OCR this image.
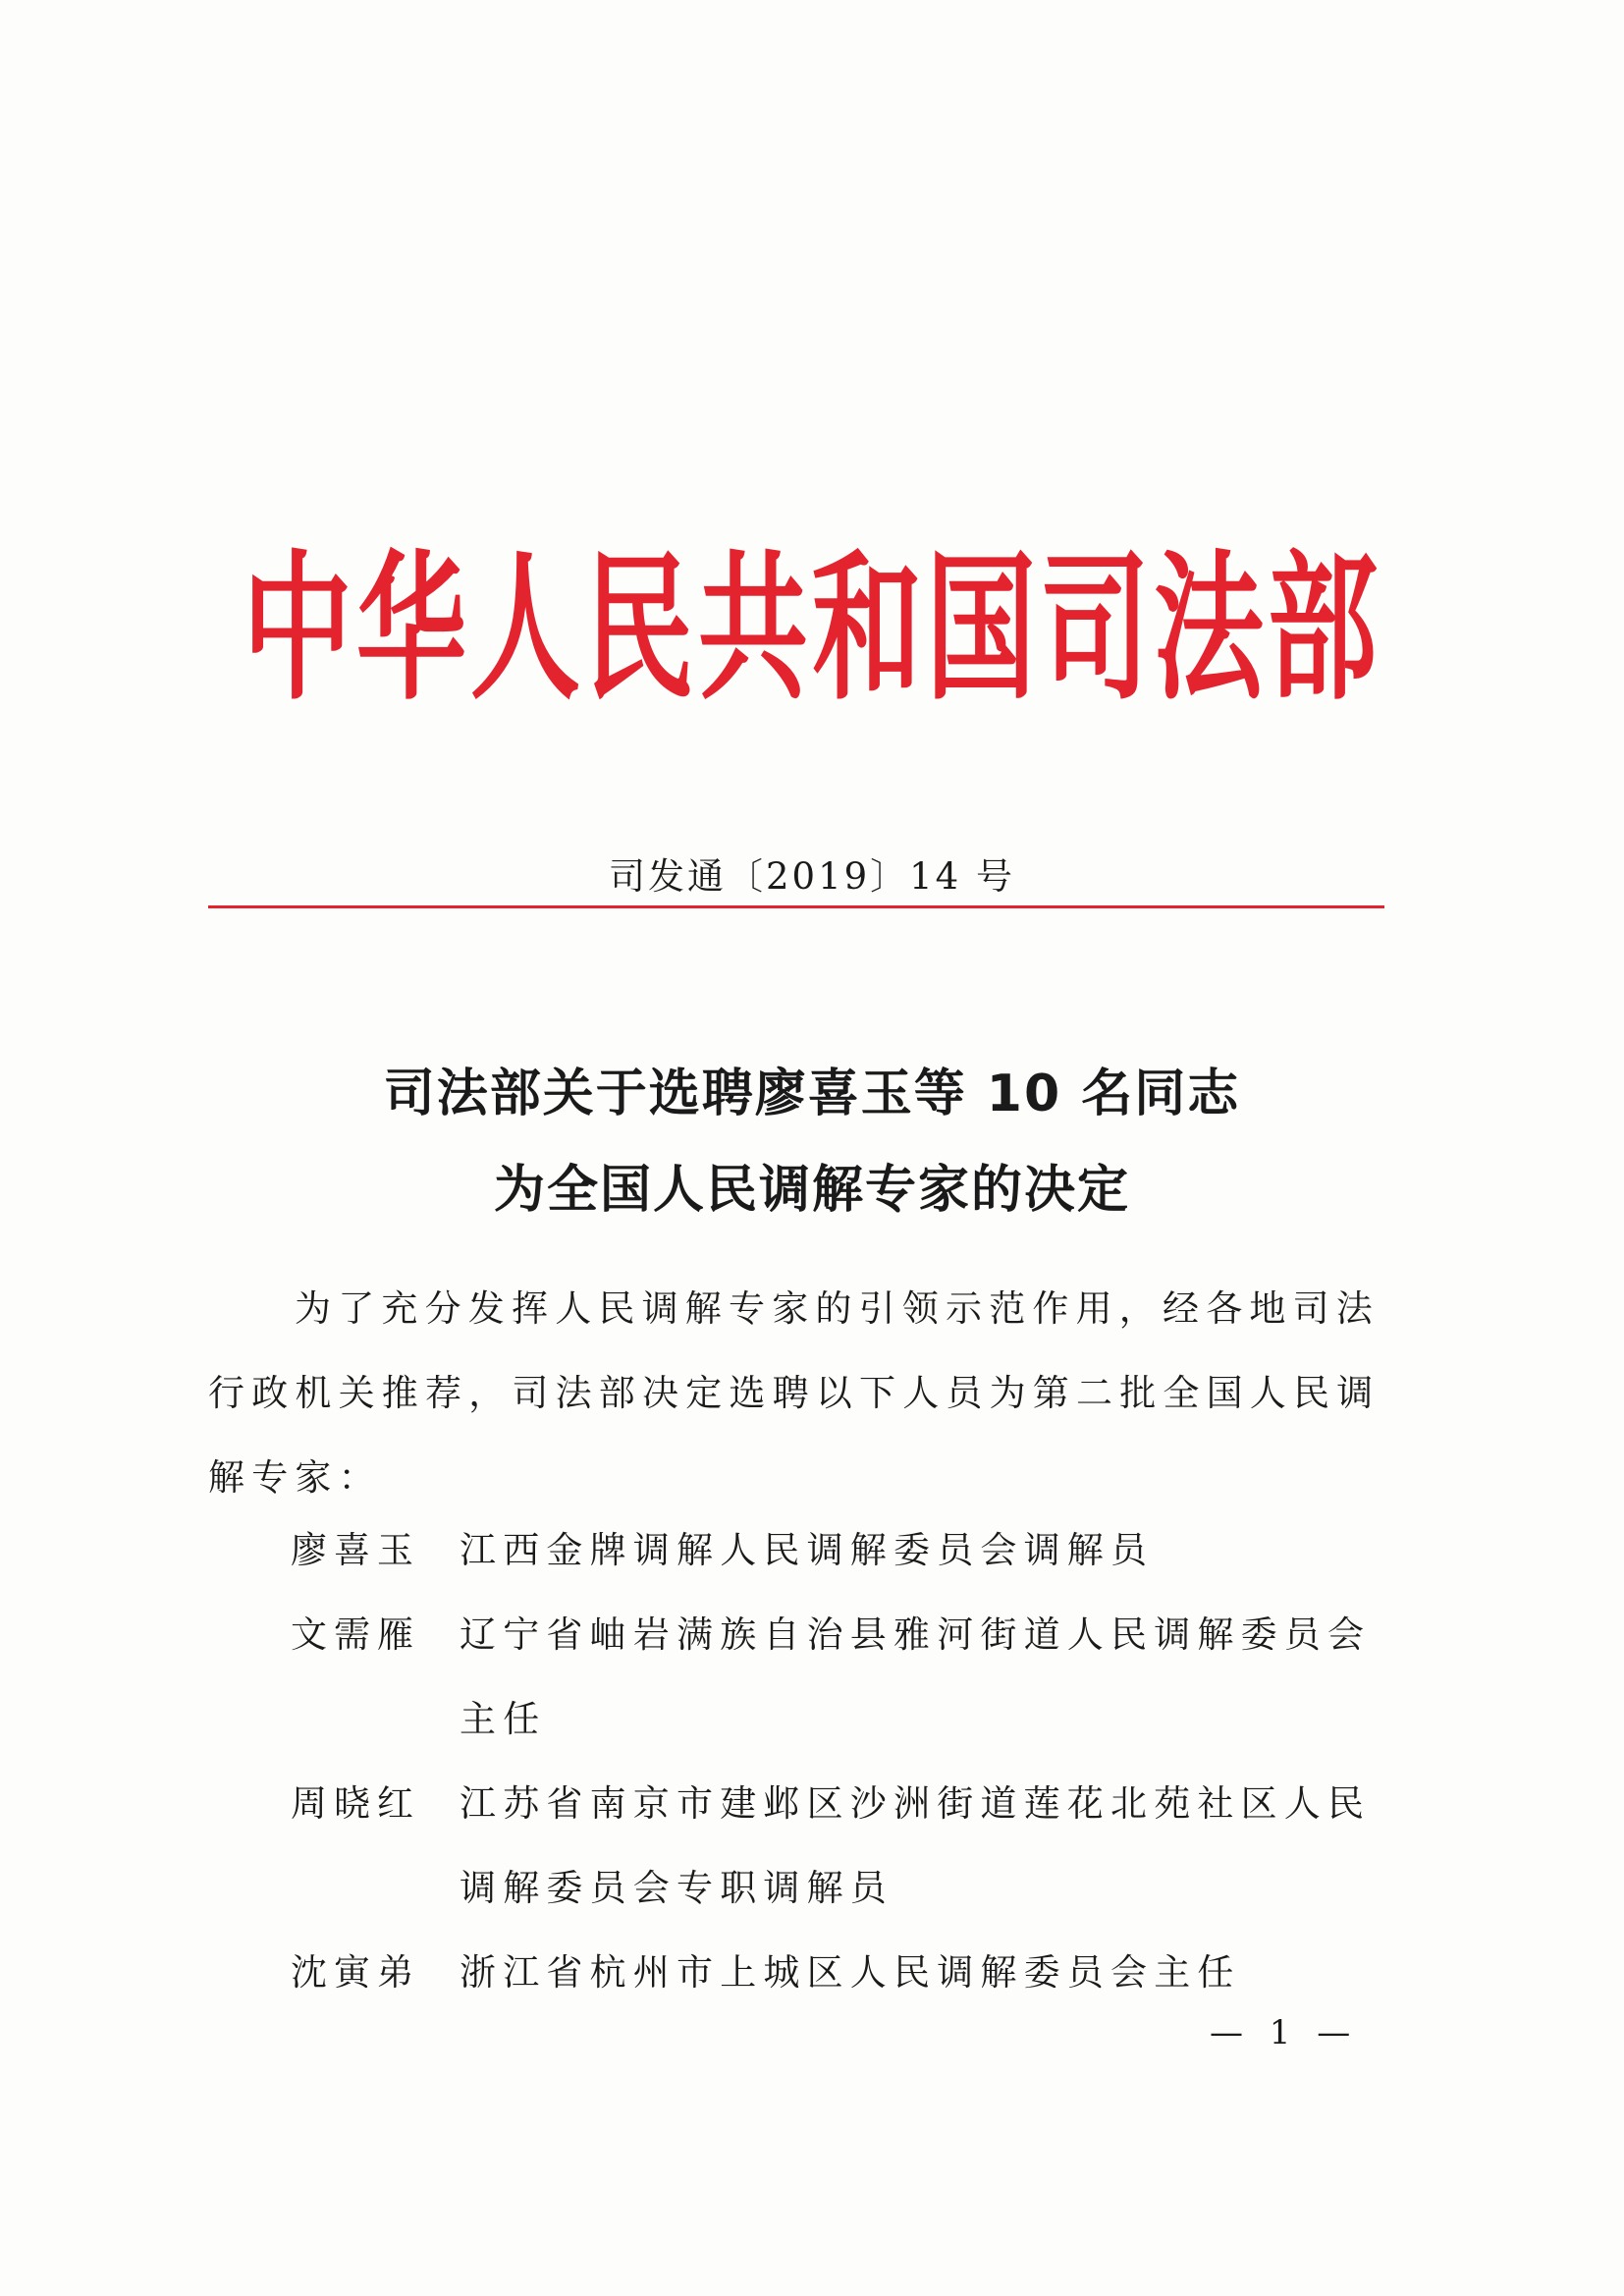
中华人民共和国司法部
司发通〔2019〕14 号
司法部关于选聘廖喜玉等 10 名同志
为全国人民调解专家的决定

为了充分发挥人民调解专家的引领示范作用，经各地司法行政机关推荐，司法部决定选聘以下人员为第二批全国人民调解专家：

廖喜玉 江西金牌调解人民调解委员会调解员
文需雁 辽宁省岫岩满族自治县雅河街道人民调解委员会主任
周晓红 江苏省南京市建邺区沙洲街道莲花北苑社区人民调解委员会专职调解员
沈寅弟 浙江省杭州市上城区人民调解委员会主任
— 1 —
